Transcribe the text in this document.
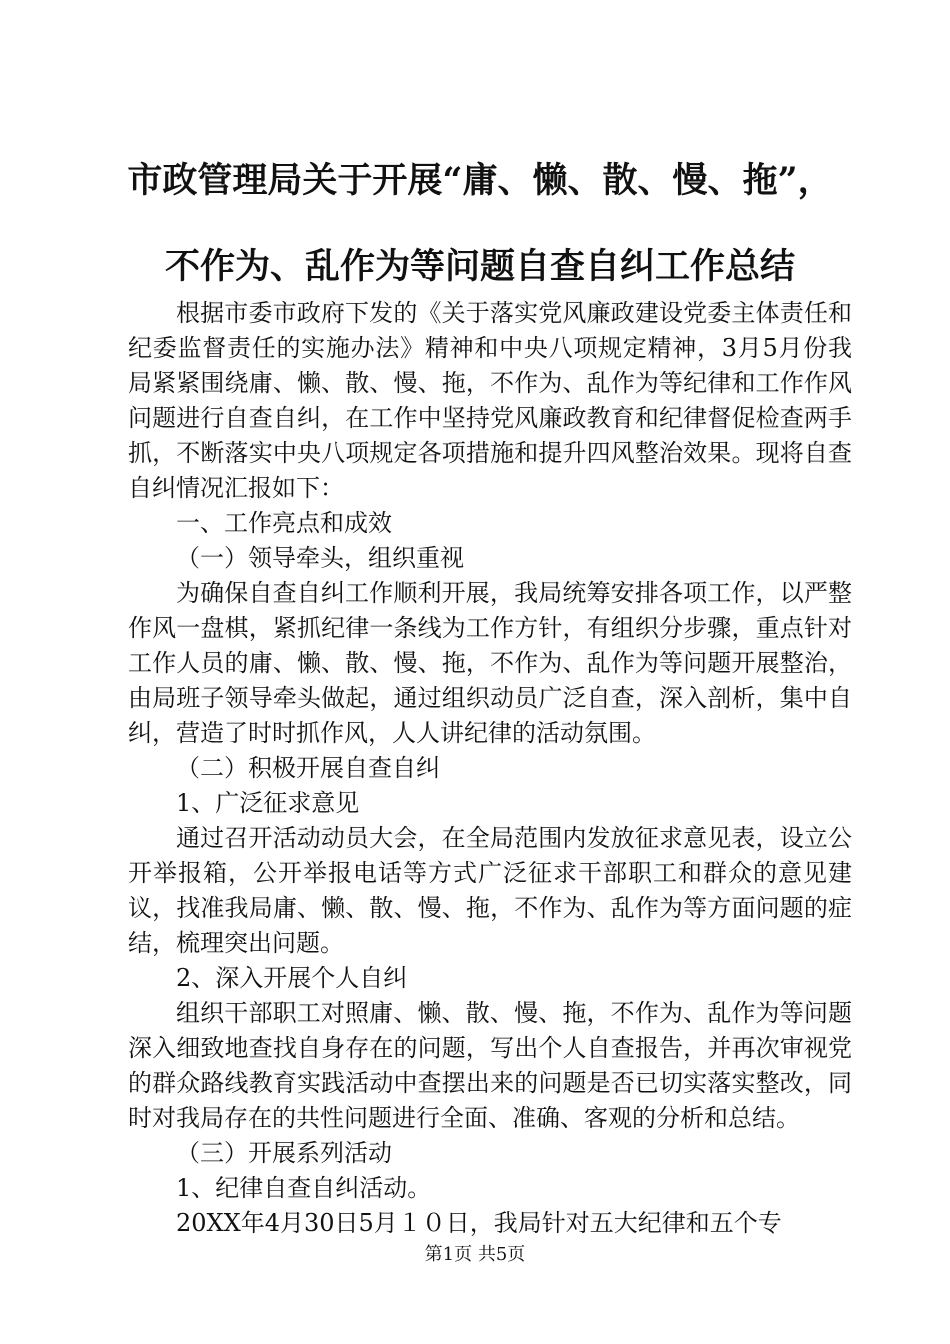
市政管理局关于开展“庸、懒、散、慢、拖”，
不作为、乱作为等问题自查自纠工作总结

根据市委市政府下发的《关于落实党风廉政建设党委主体责任和纪委监督责任的实施办法》精神和中央八项规定精神，3月5月份我局紧紧围绕庸、懒、散、慢、拖，不作为、乱作为等纪律和工作作风问题进行自查自纠，在工作中坚持党风廉政教育和纪律督促检查两手抓，不断落实中央八项规定各项措施和提升四风整治效果。现将自查自纠情况汇报如下：

一、工作亮点和成效

（一）领导牵头，组织重视

为确保自查自纠工作顺利开展，我局统筹安排各项工作，以严整作风一盘棋，紧抓纪律一条线为工作方针，有组织分步骤，重点针对工作人员的庸、懒、散、慢、拖，不作为、乱作为等问题开展整治，由局班子领导牵头做起，通过组织动员广泛自查，深入剖析，集中自纠，营造了时时抓作风，人人讲纪律的活动氛围。

（二）积极开展自查自纠

1、广泛征求意见

通过召开活动动员大会，在全局范围内发放征求意见表，设立公开举报箱，公开举报电话等方式广泛征求干部职工和群众的意见建议，找准我局庸、懒、散、慢、拖，不作为、乱作为等方面问题的症结，梳理突出问题。

2、深入开展个人自纠

组织干部职工对照庸、懒、散、慢、拖，不作为、乱作为等问题深入细致地查找自身存在的问题，写出个人自查报告，并再次审视党的群众路线教育实践活动中查摆出来的问题是否已切实落实整改，同时对我局存在的共性问题进行全面、准确、客观的分析和总结。

（三）开展系列活动

1、纪律自查自纠活动。

20XX年4月30日5月１０日，我局针对五大纪律和五个专

第1页 共5页
